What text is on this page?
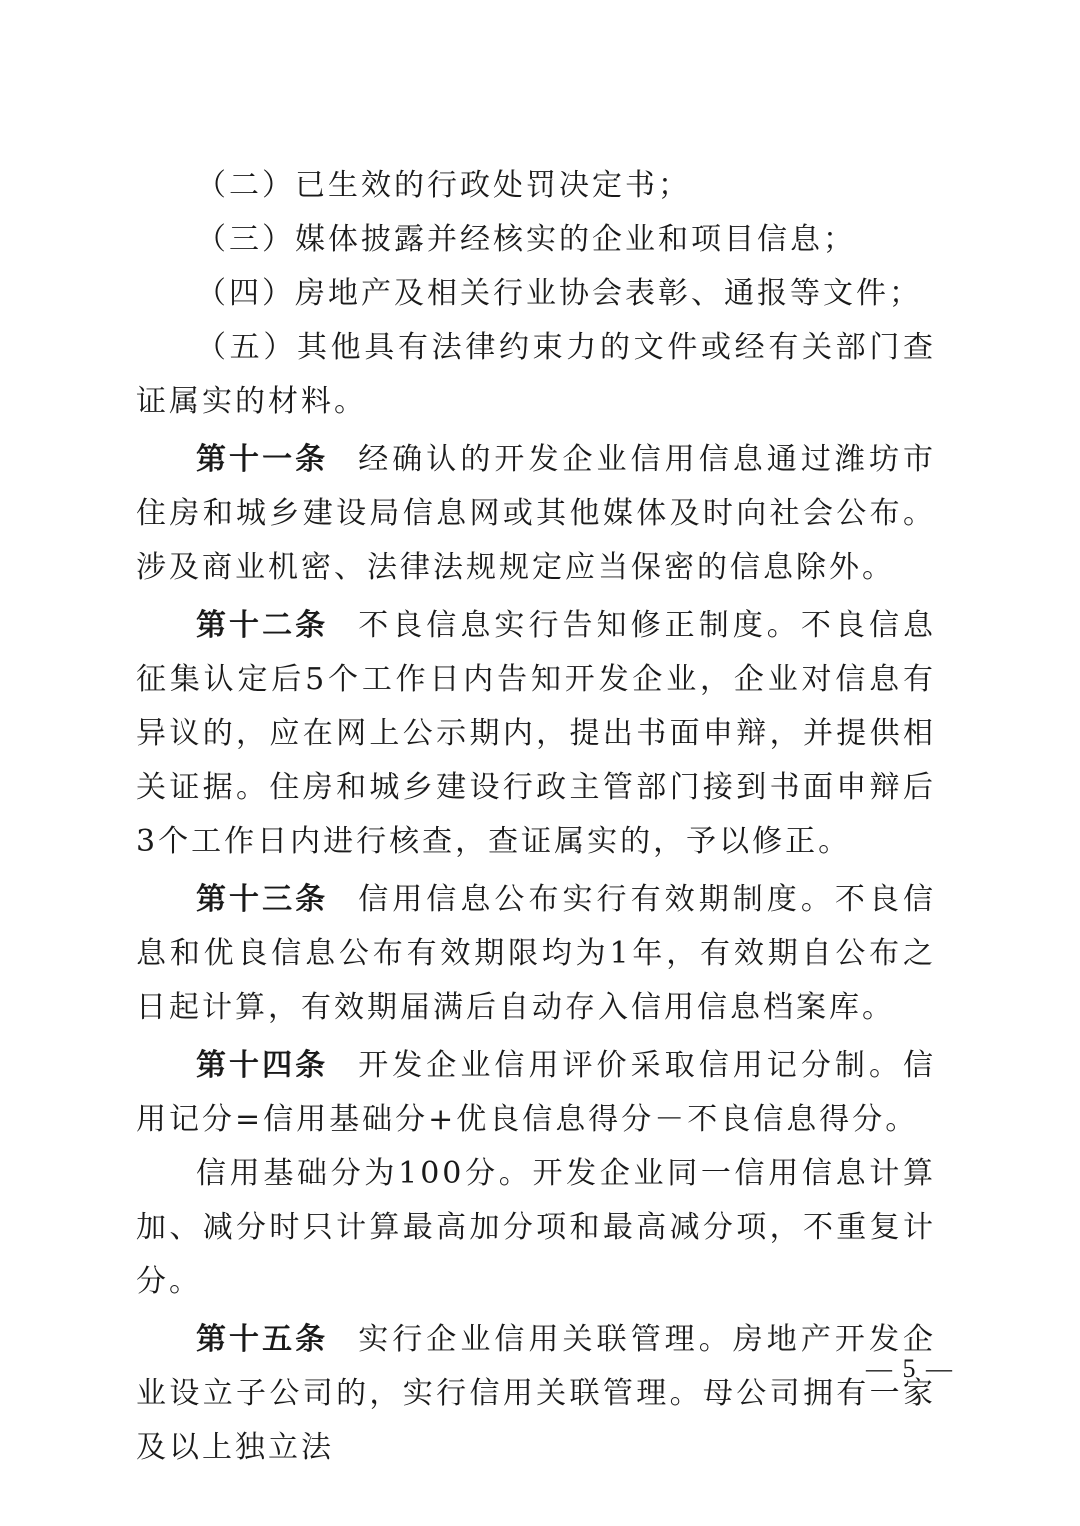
（二）已生效的行政处罚决定书；

（三）媒体披露并经核实的企业和项目信息；

（四）房地产及相关行业协会表彰、通报等文件；

（五）其他具有法律约束力的文件或经有关部门查证属实的材料。

第十一条 经确认的开发企业信用信息通过潍坊市住房和城乡建设局信息网或其他媒体及时向社会公布。涉及商业机密、法律法规规定应当保密的信息除外。

第十二条 不良信息实行告知修正制度。不良信息征集认定后5个工作日内告知开发企业，企业对信息有异议的，应在网上公示期内，提出书面申辩，并提供相关证据。住房和城乡建设行政主管部门接到书面申辩后3个工作日内进行核查，查证属实的，予以修正。

第十三条 信用信息公布实行有效期制度。不良信息和优良信息公布有效期限均为1年，有效期自公布之日起计算，有效期届满后自动存入信用信息档案库。

第十四条 开发企业信用评价采取信用记分制。信用记分=信用基础分+优良信息得分－不良信息得分。

信用基础分为100分。开发企业同一信用信息计算加、减分时只计算最高加分项和最高减分项，不重复计分。

第十五条 实行企业信用关联管理。房地产开发企业设立子公司的，实行信用关联管理。母公司拥有一家及以上独立法

— 5 —
